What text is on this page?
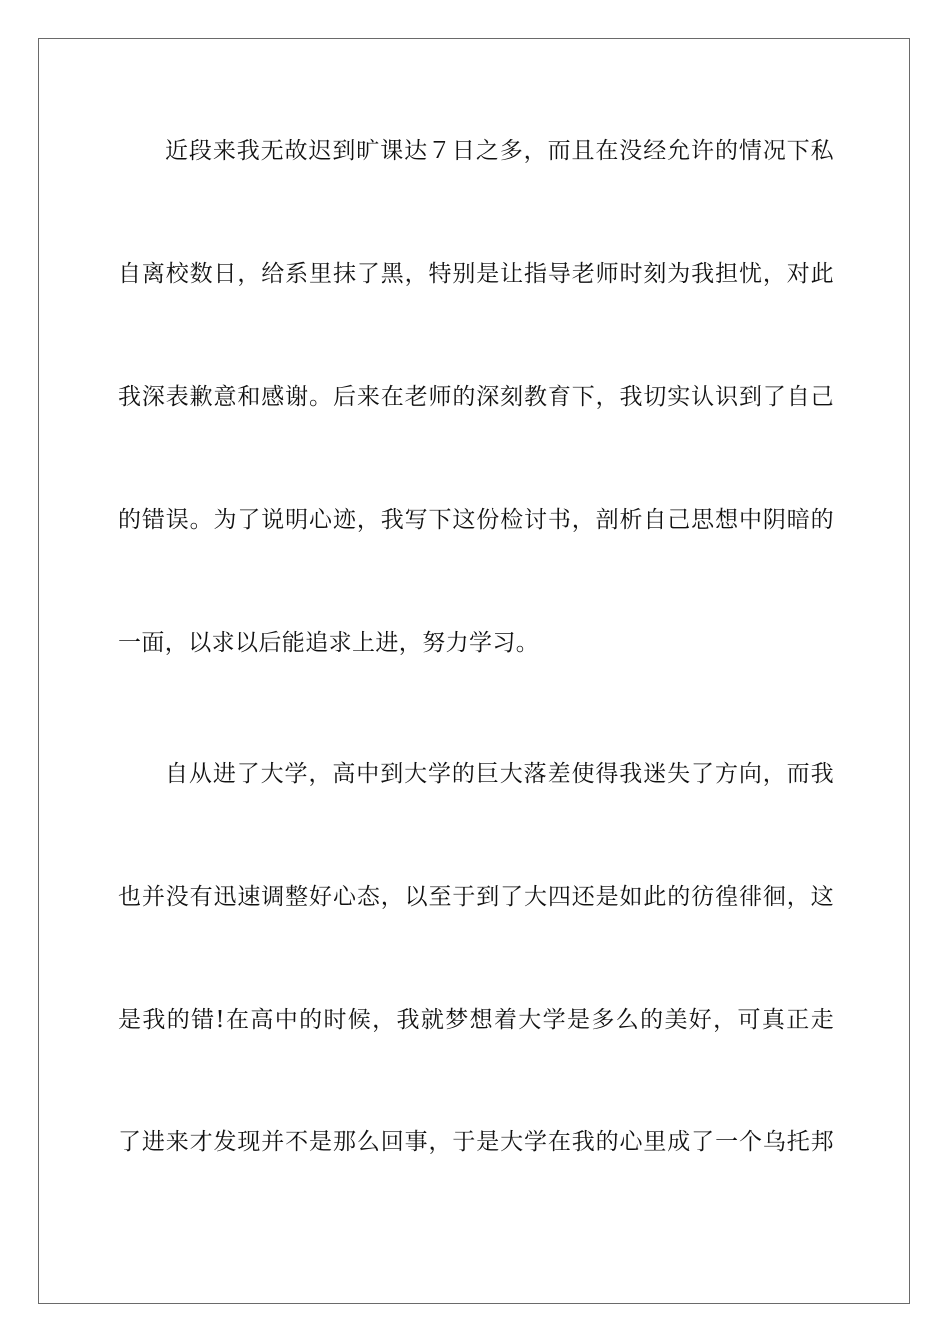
近段来我无故迟到旷课达７日之多，而且在没经允许的情况下私
自离校数日，给系里抹了黑，特别是让指导老师时刻为我担忧，对此
我深表歉意和感谢。后来在老师的深刻教育下，我切实认识到了自己
的错误。为了说明心迹，我写下这份检讨书，剖析自己思想中阴暗的
一面，以求以后能追求上进，努力学习。
自从进了大学，高中到大学的巨大落差使得我迷失了方向，而我
也并没有迅速调整好心态，以至于到了大四还是如此的彷徨徘徊，这
是我的错!在高中的时候，我就梦想着大学是多么的美好，可真正走
了进来才发现并不是那么回事，于是大学在我的心里成了一个乌托邦
